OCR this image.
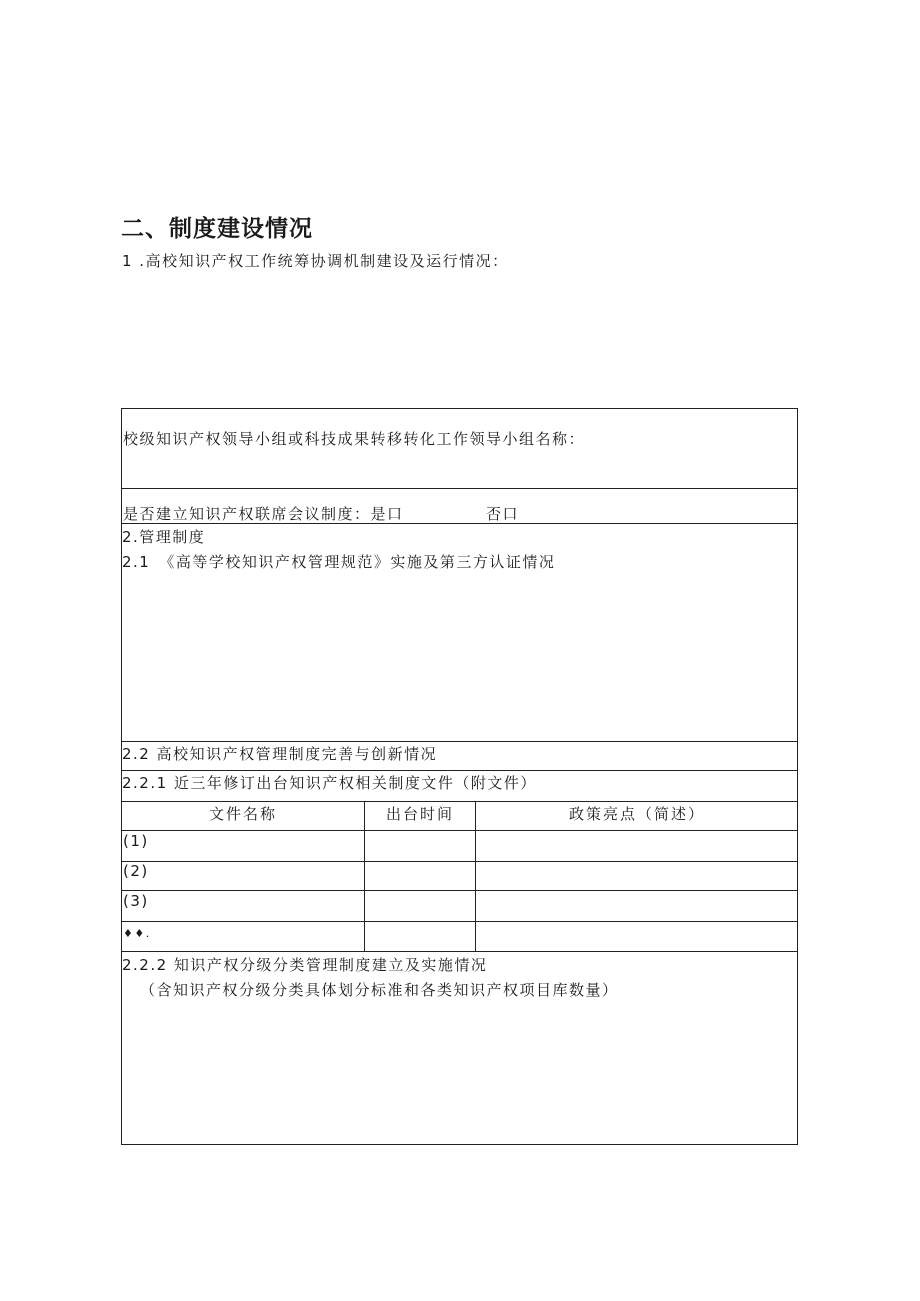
二、制度建设情况
1 .高校知识产权工作统筹协调机制建设及运行情况：
校级知识产权领导小组或科技成果转移转化工作领导小组名称：
是否建立知识产权联席会议制度：是口	否口
2.管理制度
2.1　《高等学校知识产权管理规范》实施及第三方认证情况
2.2 高校知识产权管理制度完善与创新情况
2.2.1 近三年修订出台知识产权相关制度文件（附文件）
文件名称	出台时间	政策亮点（简述）
(1)
(2)
(3)
♦♦.
2.2.2 知识产权分级分类管理制度建立及实施情况
（含知识产权分级分类具体划分标准和各类知识产权项目库数量）
